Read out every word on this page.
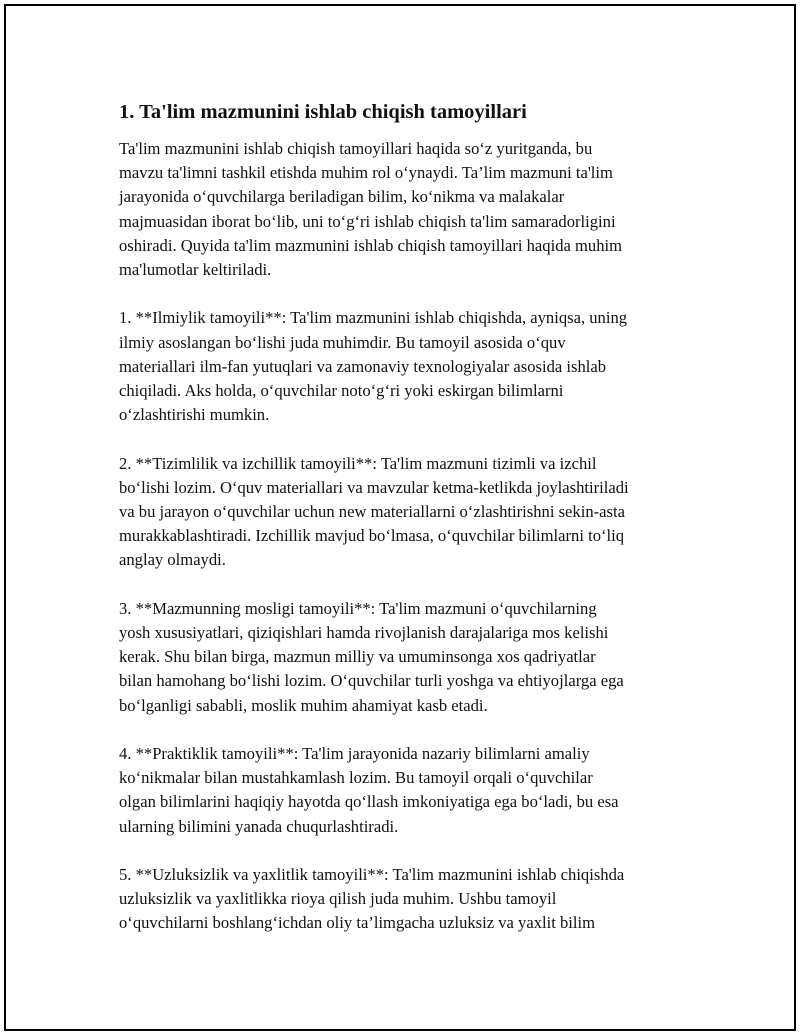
1. Ta'lim mazmunini ishlab chiqish tamoyillari

Ta'lim mazmunini ishlab chiqish tamoyillari haqida so‘z yuritganda, bu
mavzu ta'limni tashkil etishda muhim rol o‘ynaydi. Ta’lim mazmuni ta'lim
jarayonida o‘quvchilarga beriladigan bilim, ko‘nikma va malakalar
majmuasidan iborat bo‘lib, uni to‘g‘ri ishlab chiqish ta'lim samaradorligini
oshiradi. Quyida ta'lim mazmunini ishlab chiqish tamoyillari haqida muhim
ma'lumotlar keltiriladi.

1. **Ilmiylik tamoyili**: Ta'lim mazmunini ishlab chiqishda, ayniqsa, uning
ilmiy asoslangan bo‘lishi juda muhimdir. Bu tamoyil asosida o‘quv
materiallari ilm-fan yutuqlari va zamonaviy texnologiyalar asosida ishlab
chiqiladi. Aks holda, o‘quvchilar noto‘g‘ri yoki eskirgan bilimlarni
o‘zlashtirishi mumkin.

2. **Tizimlilik va izchillik tamoyili**: Ta'lim mazmuni tizimli va izchil
bo‘lishi lozim. O‘quv materiallari va mavzular ketma-ketlikda joylashtiriladi
va bu jarayon o‘quvchilar uchun new materiallarni o‘zlashtirishni sekin-asta
murakkablashtiradi. Izchillik mavjud bo‘lmasa, o‘quvchilar bilimlarni to‘liq
anglay olmaydi.

3. **Mazmunning mosligi tamoyili**: Ta'lim mazmuni o‘quvchilarning
yosh xususiyatlari, qiziqishlari hamda rivojlanish darajalariga mos kelishi
kerak. Shu bilan birga, mazmun milliy va umuminsonga xos qadriyatlar
bilan hamohang bo‘lishi lozim. O‘quvchilar turli yoshga va ehtiyojlarga ega
bo‘lganligi sababli, moslik muhim ahamiyat kasb etadi.

4. **Praktiklik tamoyili**: Ta'lim jarayonida nazariy bilimlarni amaliy
ko‘nikmalar bilan mustahkamlash lozim. Bu tamoyil orqali o‘quvchilar
olgan bilimlarini haqiqiy hayotda qo‘llash imkoniyatiga ega bo‘ladi, bu esa
ularning bilimini yanada chuqurlashtiradi.

5. **Uzluksizlik va yaxlitlik tamoyili**: Ta'lim mazmunini ishlab chiqishda
uzluksizlik va yaxlitlikka rioya qilish juda muhim. Ushbu tamoyil
o‘quvchilarni boshlang‘ichdan oliy ta’limgacha uzluksiz va yaxlit bilim
